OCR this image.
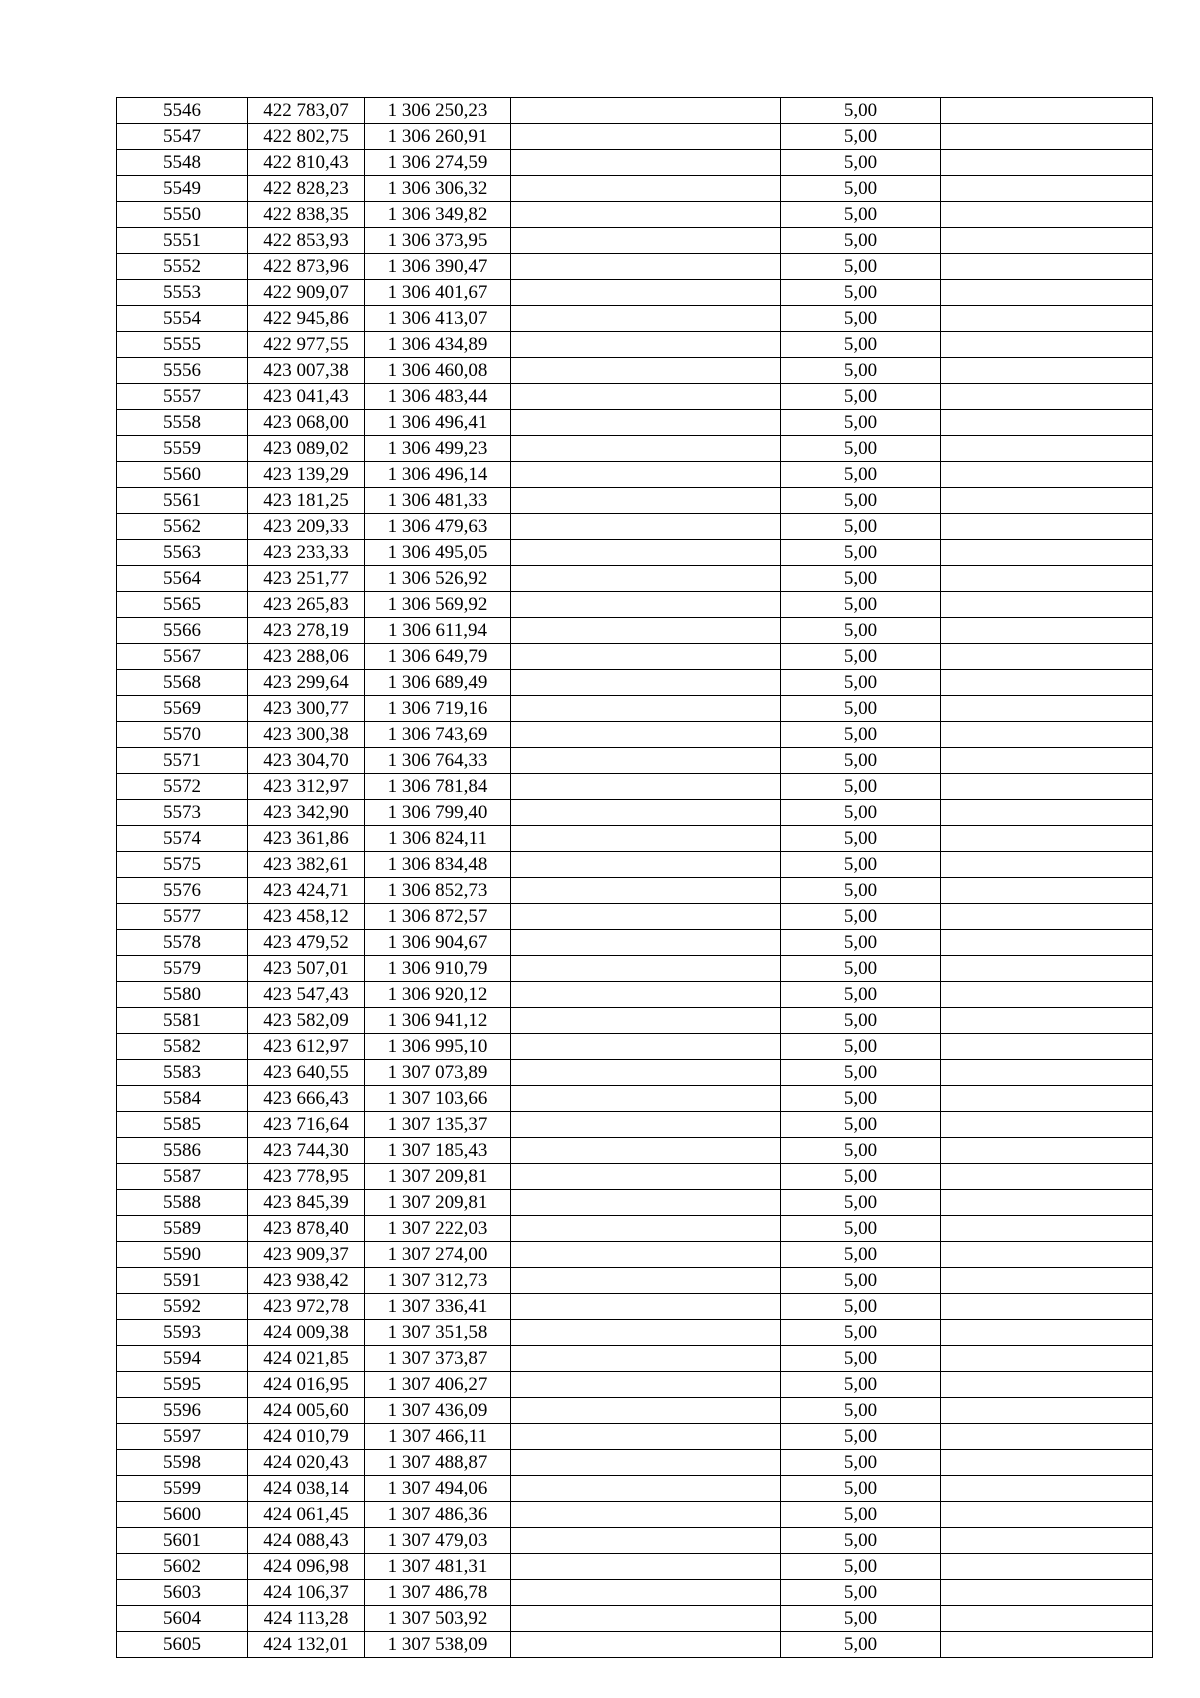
5546	422 783,07	1 306 250,23		5,00	
5547	422 802,75	1 306 260,91		5,00	
5548	422 810,43	1 306 274,59		5,00	
5549	422 828,23	1 306 306,32		5,00	
5550	422 838,35	1 306 349,82		5,00	
5551	422 853,93	1 306 373,95		5,00	
5552	422 873,96	1 306 390,47		5,00	
5553	422 909,07	1 306 401,67		5,00	
5554	422 945,86	1 306 413,07		5,00	
5555	422 977,55	1 306 434,89		5,00	
5556	423 007,38	1 306 460,08		5,00	
5557	423 041,43	1 306 483,44		5,00	
5558	423 068,00	1 306 496,41		5,00	
5559	423 089,02	1 306 499,23		5,00	
5560	423 139,29	1 306 496,14		5,00	
5561	423 181,25	1 306 481,33		5,00	
5562	423 209,33	1 306 479,63		5,00	
5563	423 233,33	1 306 495,05		5,00	
5564	423 251,77	1 306 526,92		5,00	
5565	423 265,83	1 306 569,92		5,00	
5566	423 278,19	1 306 611,94		5,00	
5567	423 288,06	1 306 649,79		5,00	
5568	423 299,64	1 306 689,49		5,00	
5569	423 300,77	1 306 719,16		5,00	
5570	423 300,38	1 306 743,69		5,00	
5571	423 304,70	1 306 764,33		5,00	
5572	423 312,97	1 306 781,84		5,00	
5573	423 342,90	1 306 799,40		5,00	
5574	423 361,86	1 306 824,11		5,00	
5575	423 382,61	1 306 834,48		5,00	
5576	423 424,71	1 306 852,73		5,00	
5577	423 458,12	1 306 872,57		5,00	
5578	423 479,52	1 306 904,67		5,00	
5579	423 507,01	1 306 910,79		5,00	
5580	423 547,43	1 306 920,12		5,00	
5581	423 582,09	1 306 941,12		5,00	
5582	423 612,97	1 306 995,10		5,00	
5583	423 640,55	1 307 073,89		5,00	
5584	423 666,43	1 307 103,66		5,00	
5585	423 716,64	1 307 135,37		5,00	
5586	423 744,30	1 307 185,43		5,00	
5587	423 778,95	1 307 209,81		5,00	
5588	423 845,39	1 307 209,81		5,00	
5589	423 878,40	1 307 222,03		5,00	
5590	423 909,37	1 307 274,00		5,00	
5591	423 938,42	1 307 312,73		5,00	
5592	423 972,78	1 307 336,41		5,00	
5593	424 009,38	1 307 351,58		5,00	
5594	424 021,85	1 307 373,87		5,00	
5595	424 016,95	1 307 406,27		5,00	
5596	424 005,60	1 307 436,09		5,00	
5597	424 010,79	1 307 466,11		5,00	
5598	424 020,43	1 307 488,87		5,00	
5599	424 038,14	1 307 494,06		5,00	
5600	424 061,45	1 307 486,36		5,00	
5601	424 088,43	1 307 479,03		5,00	
5602	424 096,98	1 307 481,31		5,00	
5603	424 106,37	1 307 486,78		5,00	
5604	424 113,28	1 307 503,92		5,00	
5605	424 132,01	1 307 538,09		5,00	
